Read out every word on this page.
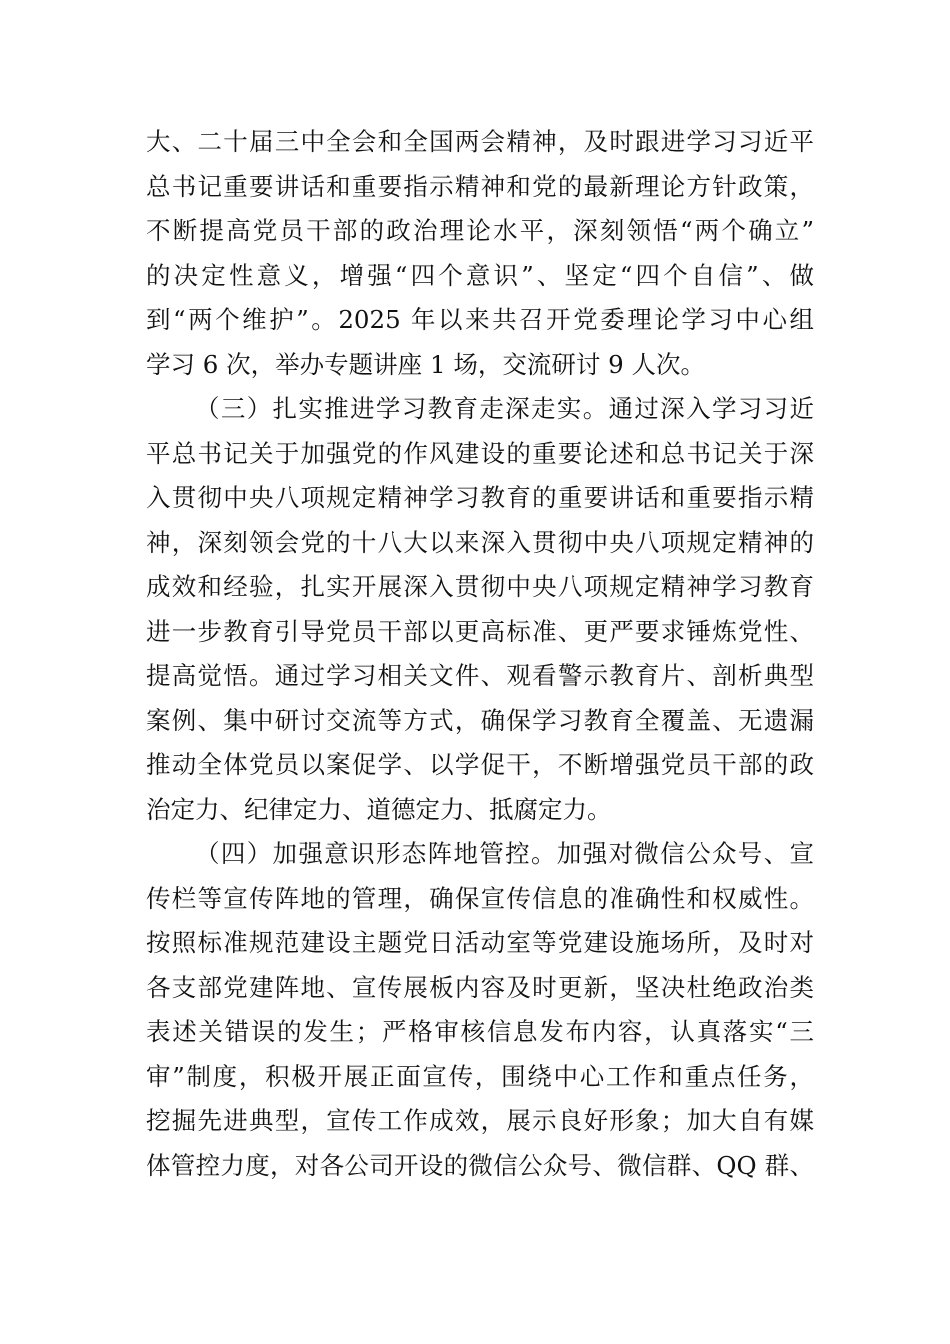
大、二十届三中全会和全国两会精神，及时跟进学习习近平
总书记重要讲话和重要指示精神和党的最新理论方针政策，
不断提高党员干部的政治理论水平，深刻领悟“两个确立”
的决定性意义，增强“四个意识”、坚定“四个自信”、做
到“两个维护”。2025 年以来共召开党委理论学习中心组
学习 6 次，举办专题讲座 1 场，交流研讨 9 人次。
（三）扎实推进学习教育走深走实。通过深入学习习近
平总书记关于加强党的作风建设的重要论述和总书记关于深
入贯彻中央八项规定精神学习教育的重要讲话和重要指示精
神，深刻领会党的十八大以来深入贯彻中央八项规定精神的
成效和经验，扎实开展深入贯彻中央八项规定精神学习教育
进一步教育引导党员干部以更高标准、更严要求锤炼党性、
提高觉悟。通过学习相关文件、观看警示教育片、剖析典型
案例、集中研讨交流等方式，确保学习教育全覆盖、无遗漏
推动全体党员以案促学、以学促干，不断增强党员干部的政
治定力、纪律定力、道德定力、抵腐定力。
（四）加强意识形态阵地管控。加强对微信公众号、宣
传栏等宣传阵地的管理，确保宣传信息的准确性和权威性。
按照标准规范建设主题党日活动室等党建设施场所，及时对
各支部党建阵地、宣传展板内容及时更新，坚决杜绝政治类
表述关错误的发生；严格审核信息发布内容，认真落实“三
审”制度，积极开展正面宣传，围绕中心工作和重点任务，
挖掘先进典型，宣传工作成效，展示良好形象；加大自有媒
体管控力度，对各公司开设的微信公众号、微信群、QQ 群、
